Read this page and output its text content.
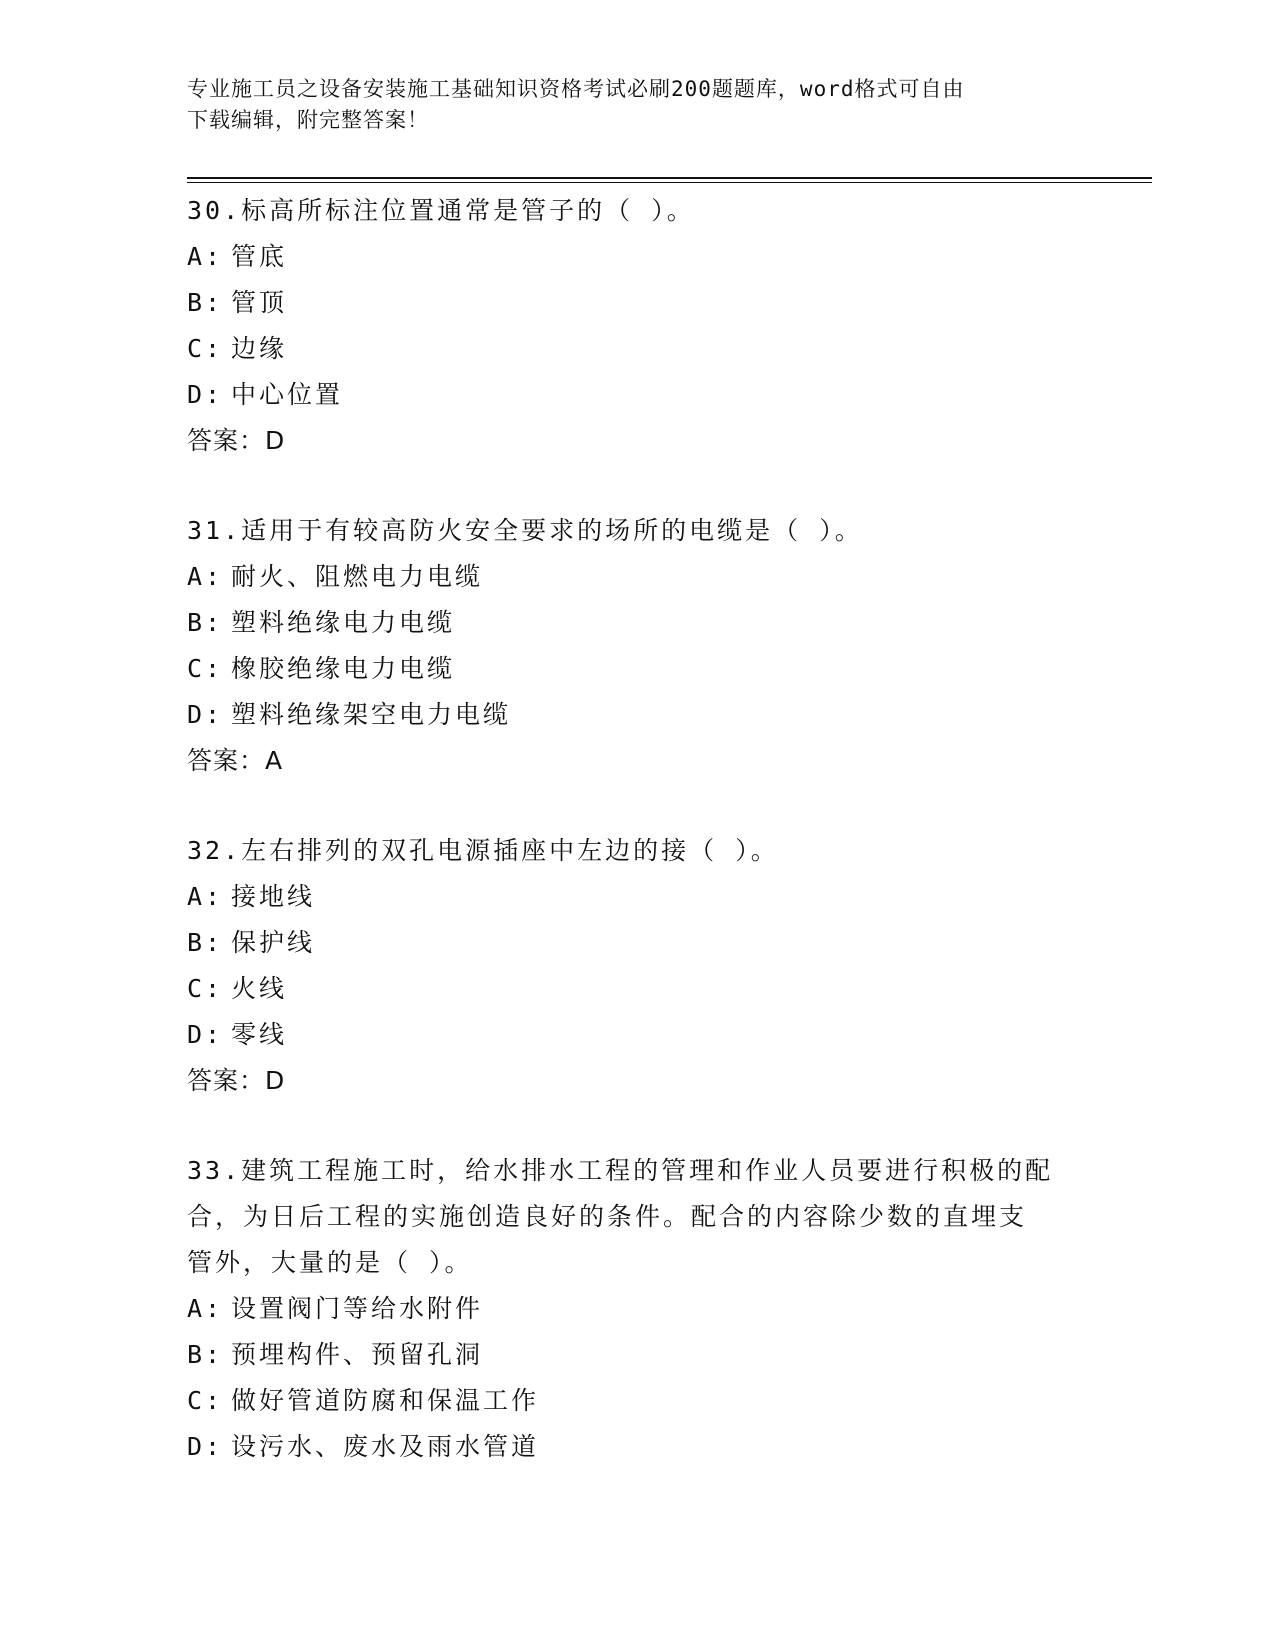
专业施工员之设备安装施工基础知识资格考试必刷200题题库，word格式可自由
下载编辑，附完整答案！
30.标高所标注位置通常是管子的（ ）。
A: 管底
B: 管顶
C: 边缘
D: 中心位置
答案：D
31.适用于有较高防火安全要求的场所的电缆是（ ）。
A: 耐火、阻燃电力电缆
B: 塑料绝缘电力电缆
C: 橡胶绝缘电力电缆
D: 塑料绝缘架空电力电缆
答案：A
32.左右排列的双孔电源插座中左边的接（ ）。
A: 接地线
B: 保护线
C: 火线
D: 零线
答案：D
33.建筑工程施工时，给水排水工程的管理和作业人员要进行积极的配
合，为日后工程的实施创造良好的条件。配合的内容除少数的直埋支
管外，大量的是（ ）。
A: 设置阀门等给水附件
B: 预埋构件、预留孔洞
C: 做好管道防腐和保温工作
D: 设污水、废水及雨水管道
